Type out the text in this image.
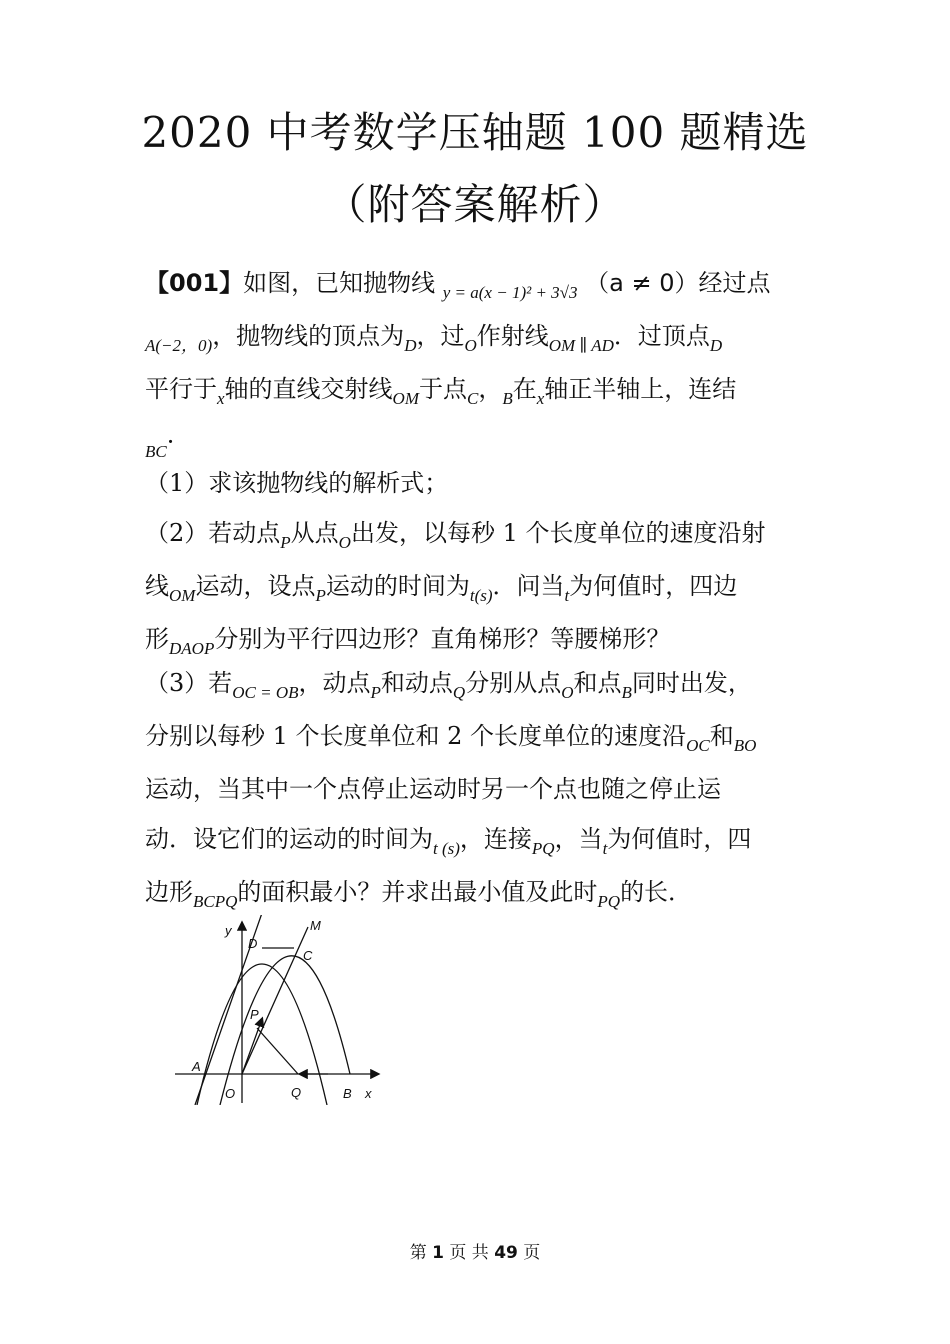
2020 中考数学压轴题 100 题精选
（附答案解析）
【001】如图，已知抛物线 $_{y = a(x - 1)^2 + 3√3}$ （a ≠ 0）经过点
$_{A(-2,0)}$，抛物线的顶点为$_D$，过$_O$作射线$_{OM \parallel AD}$．过顶点$_D$
平行于$_x$轴的直线交射线$_{OM}$于点$_C$，$_B$在$_x$轴正半轴上，连结
$_{BC}$·
（1）求该抛物线的解析式；
（2）若动点$_P$从点$_O$出发，以每秒 1 个长度单位的速度沿射
线$_{OM}$运动，设点$_P$运动的时间为$_{t(s)}$．问当$_t$为何值时，四边
形$_{DAOP}$分别为平行四边形？直角梯形？等腰梯形？
（3）若$_{OC = OB}$，动点$_P$和动点$_Q$分别从点$_O$和点$_B$同时出发，
分别以每秒 1 个长度单位和 2 个长度单位的速度沿$_{OC}$和$_{BO}$
运动，当其中一个点停止运动时另一个点也随之停止运
动．设它们的运动的时间为$_{t (s)}$，连接$_{PQ}$，当$_t$为何值时，四
边形$_{BCPQ}$的面积最小？并求出最小值及此时$_{PQ}$的长．
y	M
D
C
P
A
O	Q	B x
第 1 页 共 49 页
